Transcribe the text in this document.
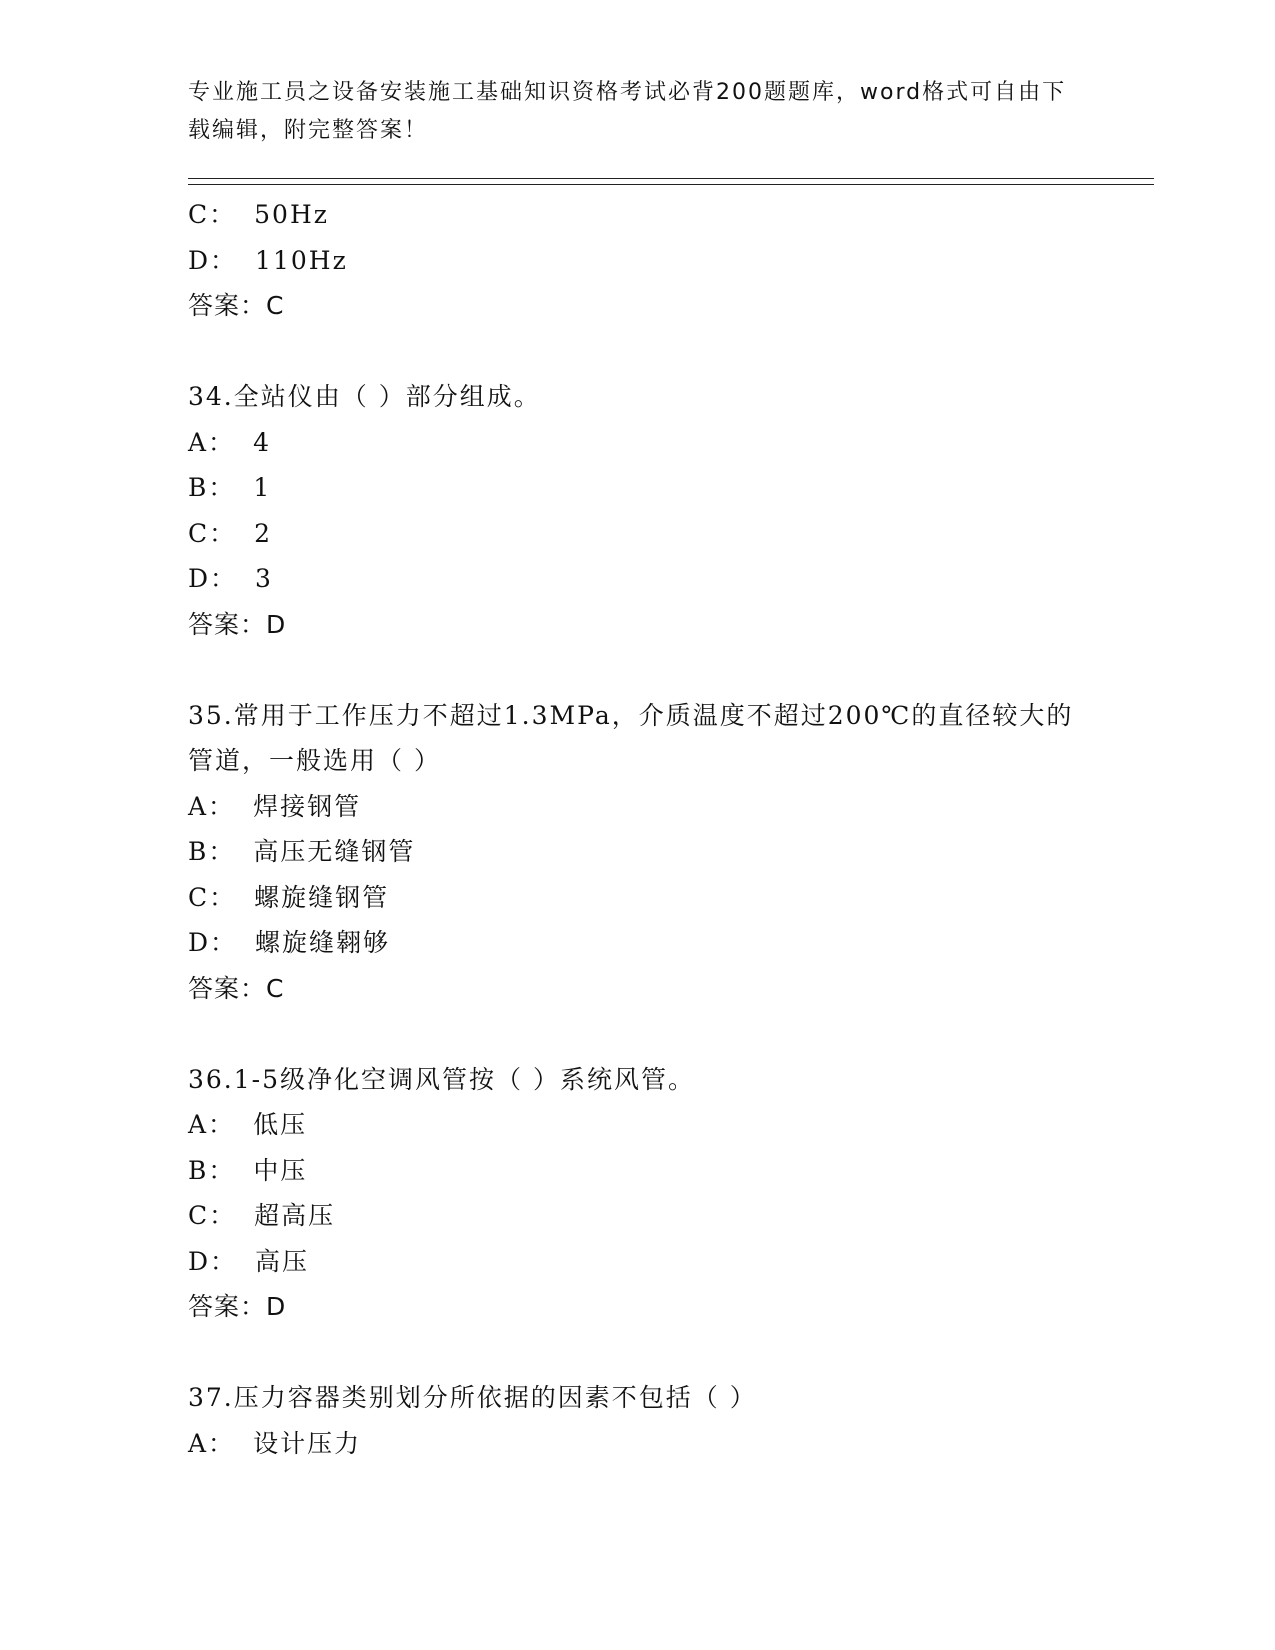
专业施工员之设备安装施工基础知识资格考试必背200题题库，word格式可自由下载编辑，附完整答案！
C： 50Hz
D： 110Hz
答案：C
34.全站仪由（ ）部分组成。
A： 4
B： 1
C： 2
D： 3
答案：D
35.常用于工作压力不超过1.3MPa，介质温度不超过200℃的直径较大的管道，一般选用（ ）
A： 焊接钢管
B： 高压无缝钢管
C： 螺旋缝钢管
D： 螺旋缝翱够
答案：C
36.1-5级净化空调风管按（ ）系统风管。
A： 低压
B： 中压
C： 超高压
D： 高压
答案：D
37.压力容器类别划分所依据的因素不包括（ ）
A： 设计压力
